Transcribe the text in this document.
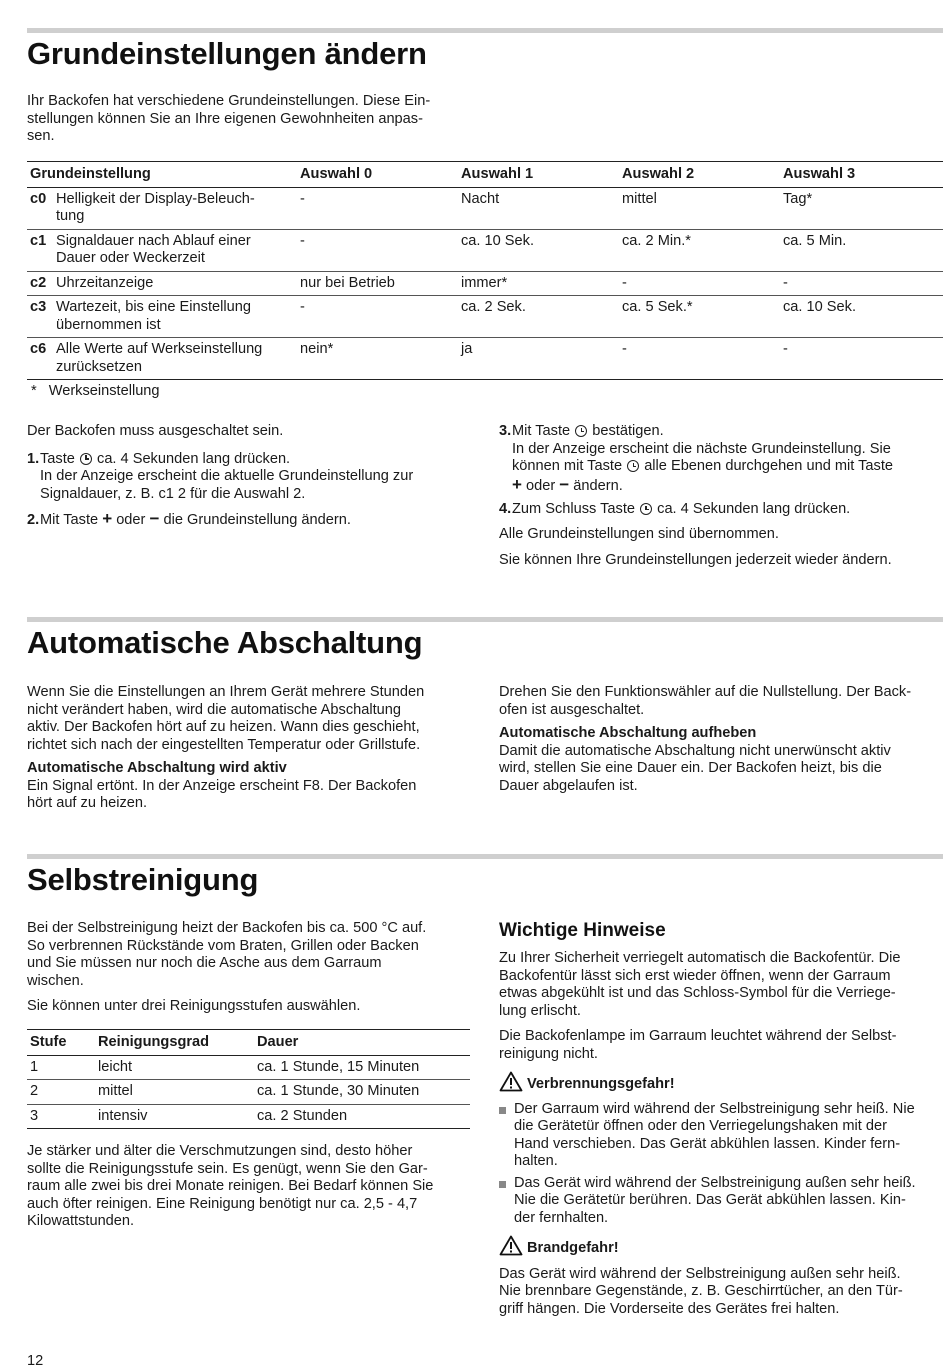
Grundeinstellungen ändern
Ihr Backofen hat verschiedene Grundeinstellungen. Diese Ein-
stellungen können Sie an Ihre eigenen Gewohnheiten anpas-
sen.
Grundeinstellung	Auswahl 0	Auswahl 1	Auswahl 2	Auswahl 3

c0 Helligkeit der Display-Beleuch-
tung	-	Nacht	mittel	Tag*

c1 Signaldauer nach Ablauf einer
Dauer oder Weckerzeit	-	ca. 10 Sek.	ca. 2 Min.*	ca. 5 Min.

c2 Uhrzeitanzeige	nur bei Betrieb	immer*	-	-

c3 Wartezeit, bis eine Einstellung
übernommen ist	-	ca. 2 Sek.	ca. 5 Sek.*	ca. 10 Sek.

c6 Alle Werte auf Werkseinstellung
zurücksetzen	nein*	ja	-	-
* Werkseinstellung

Der Backofen muss ausgeschaltet sein.

1.Taste ca. 4 Sekunden lang drücken.
In der Anzeige erscheint die aktuelle Grundeinstellung zur
Signaldauer, z. B. c1 2 für die Auswahl 2.
2.Mit Taste + oder − die Grundeinstellung ändern.
3.Mit Taste bestätigen.
In der Anzeige erscheint die nächste Grundeinstellung. Sie
können mit Taste alle Ebenen durchgehen und mit Taste
+ oder − ändern.
4.Zum Schluss Taste ca. 4 Sekunden lang drücken.

Alle Grundeinstellungen sind übernommen.

Sie können Ihre Grundeinstellungen jederzeit wieder ändern.

Automatische Abschaltung
Wenn Sie die Einstellungen an Ihrem Gerät mehrere Stunden
nicht verändert haben, wird die automatische Abschaltung
aktiv. Der Backofen hört auf zu heizen. Wann dies geschieht,
richtet sich nach der eingestellten Temperatur oder Grillstufe.
Automatische Abschaltung wird aktiv
Ein Signal ertönt. In der Anzeige erscheint F8. Der Backofen
hört auf zu heizen.
Drehen Sie den Funktionswähler auf die Nullstellung. Der Back-
ofen ist ausgeschaltet.
Automatische Abschaltung aufheben
Damit die automatische Abschaltung nicht unerwünscht aktiv
wird, stellen Sie eine Dauer ein. Der Backofen heizt, bis die
Dauer abgelaufen ist.
Selbstreinigung
Bei der Selbstreinigung heizt der Backofen bis ca. 500 °C auf.
So verbrennen Rückstände vom Braten, Grillen oder Backen
und Sie müssen nur noch die Asche aus dem Garraum
wischen.

Sie können unter drei Reinigungsstufen auswählen.

Stufe	Reinigungsgrad	Dauer
1	leicht	ca. 1 Stunde, 15 Minuten
2	mittel	ca. 1 Stunde, 30 Minuten
3	intensiv	ca. 2 Stunden
Je stärker und älter die Verschmutzungen sind, desto höher
sollte die Reinigungsstufe sein. Es genügt, wenn Sie den Gar-
raum alle zwei bis drei Monate reinigen. Bei Bedarf können Sie
auch öfter reinigen. Eine Reinigung benötigt nur ca. 2,5 - 4,7
Kilowattstunden.
Wichtige Hinweise
Zu Ihrer Sicherheit verriegelt automatisch die Backofentür. Die
Backofentür lässt sich erst wieder öffnen, wenn der Garraum
etwas abgekühlt ist und das Schloss-Symbol für die Verriege-
lung erlischt.
Die Backofenlampe im Garraum leuchtet während der Selbst-
reinigung nicht.
Verbrennungsgefahr!
Der Garraum wird während der Selbstreinigung sehr heiß. Nie
die Gerätetür öffnen oder den Verriegelungshaken mit der
Hand verschieben. Das Gerät abkühlen lassen. Kinder fern-
halten.
Das Gerät wird während der Selbstreinigung außen sehr heiß.
Nie die Gerätetür berühren. Das Gerät abkühlen lassen. Kin-
der fernhalten.
Brandgefahr!
Das Gerät wird während der Selbstreinigung außen sehr heiß.
Nie brennbare Gegenstände, z. B. Geschirrtücher, an den Tür-
griff hängen. Die Vorderseite des Gerätes frei halten.
12
